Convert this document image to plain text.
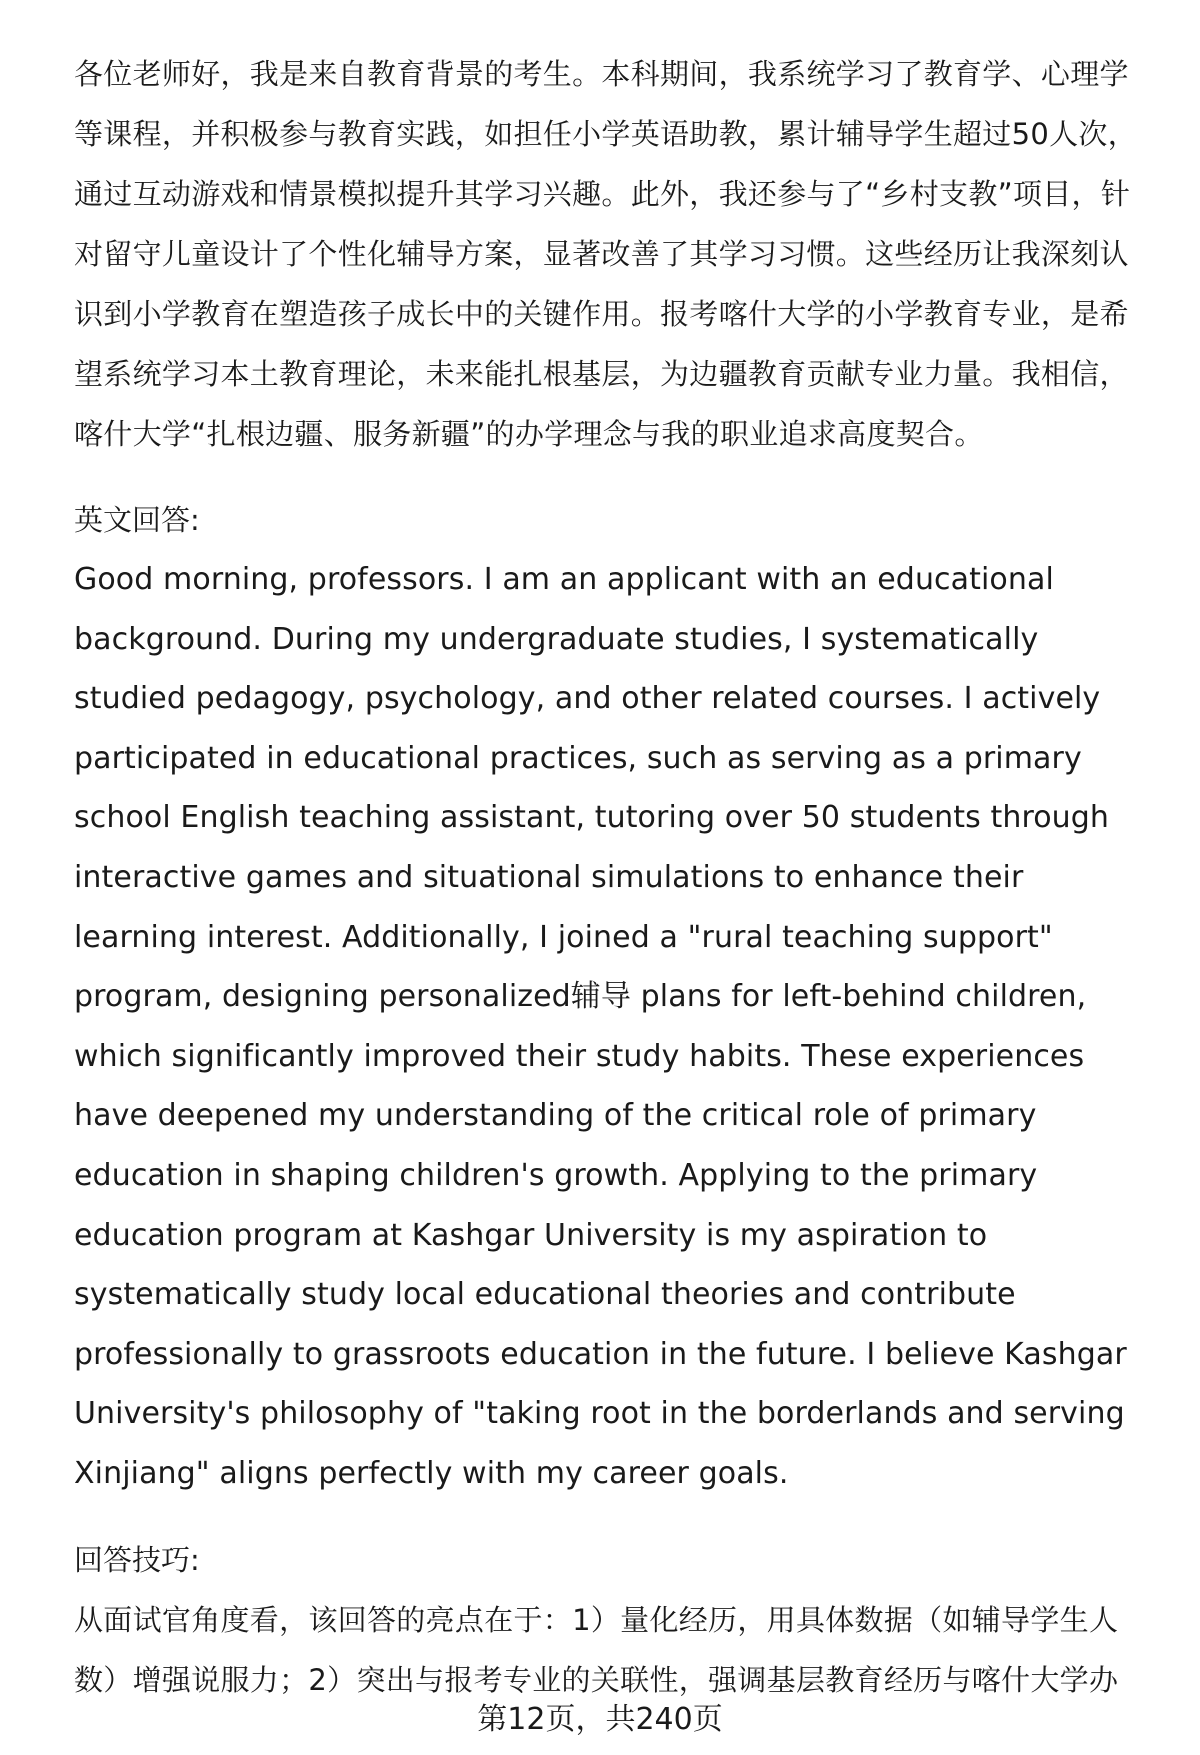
各位老师好，我是来自教育背景的考生。本科期间，我系统学习了教育学、心理学等课程，并积极参与教育实践，如担任小学英语助教，累计辅导学生超过50人次，通过互动游戏和情景模拟提升其学习兴趣。此外，我还参与了“乡村支教”项目，针对留守儿童设计了个性化辅导方案，显著改善了其学习习惯。这些经历让我深刻认识到小学教育在塑造孩子成长中的关键作用。报考喀什大学的小学教育专业，是希望系统学习本土教育理论，未来能扎根基层，为边疆教育贡献专业力量。我相信，喀什大学“扎根边疆、服务新疆”的办学理念与我的职业追求高度契合。

英文回答:

Good morning, professors. I am an applicant with an educational background. During my undergraduate studies, I systematically studied pedagogy, psychology, and other related courses. I actively participated in educational practices, such as serving as a primary school English teaching assistant, tutoring over 50 students through interactive games and situational simulations to enhance their learning interest. Additionally, I joined a "rural teaching support" program, designing personalized辅导 plans for left-behind children, which significantly improved their study habits. These experiences have deepened my understanding of the critical role of primary education in shaping children's growth. Applying to the primary education program at Kashgar University is my aspiration to systematically study local educational theories and contribute professionally to grassroots education in the future. I believe Kashgar University's philosophy of "taking root in the borderlands and serving Xinjiang" aligns perfectly with my career goals.

回答技巧:

从面试官角度看，该回答的亮点在于：1）量化经历，用具体数据（如辅导学生人数）增强说服力；2）突出与报考专业的关联性，强调基层教育经历与喀什大学办

第12页，共240页
